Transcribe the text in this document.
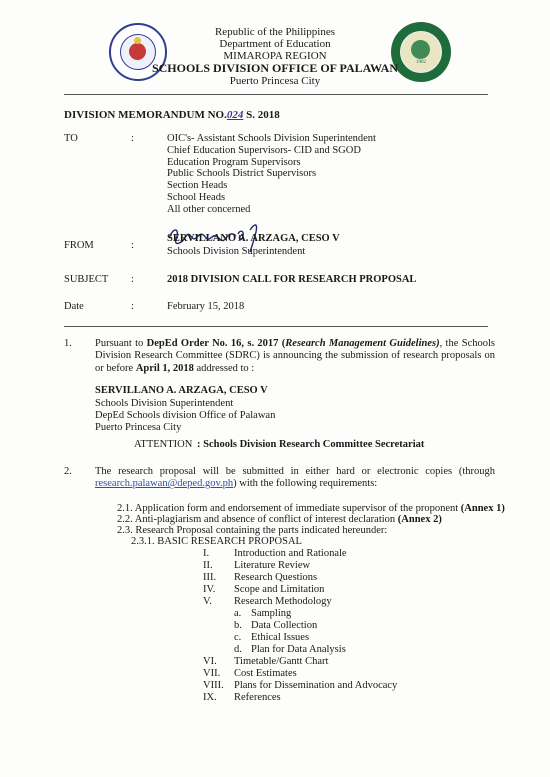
1902
Republic of the Philippines
Department of Education
MIMAROPA REGION
SCHOOLS DIVISION OFFICE OF PALAWAN
Puerto Princesa City
DIVISION MEMORANDUM NO.024 S. 2018
TO	:	OIC's- Assistant Schools Division Superintendent
Chief Education Supervisors- CID and SGOD
Education Program Supervisors
Public Schools District Supervisors
Section Heads
School Heads
All other concerned
FROM	:
SERVILLANO A. ARZAGA, CESO V
Schools Division Superintendent
SUBJECT :	2018 DIVISION CALL FOR RESEARCH PROPOSAL
Date	:	February 15, 2018
1. Pursuant to DepEd Order No. 16, s. 2017 (Research Management Guidelines), the Schools Division Research Committee (SDRC) is announcing the submission of research proposals on or before April 1, 2018 addressed to :
SERVILLANO A. ARZAGA, CESO V
Schools Division Superintendent
DepEd Schools division Office of Palawan
Puerto Princesa City
ATTENTION : Schools Division Research Committee Secretariat
2. The research proposal will be submitted in either hard or electronic copies (through research.palawan@deped.gov.ph) with the following requirements:
2.1. Application form and endorsement of immediate supervisor of the proponent (Annex 1)
2.2. Anti-plagiarism and absence of conflict of interest declaration (Annex 2)
2.3. Research Proposal containing the parts indicated hereunder:
2.3.1. BASIC RESEARCH PROPOSAL
I.	Introduction and Rationale
II.	Literature Review
III.	Research Questions
IV.	Scope and Limitation
V.	Research Methodology
a. Sampling
b. Data Collection
c. Ethical Issues
d. Plan for Data Analysis
VI.	Timetable/Gantt Chart
VII.	Cost Estimates
VIII. Plans for Dissemination and Advocacy
IX.	References
